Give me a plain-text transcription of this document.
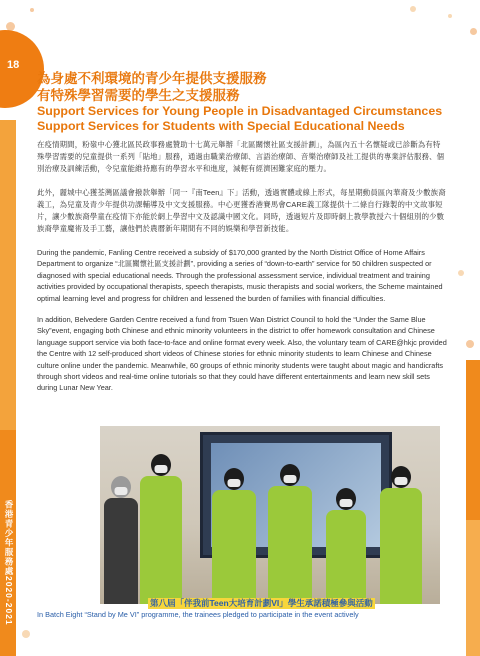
18
香港青少年服務處
2020-2021
為身處不利環境的青少年提供支援服務
有特殊學習需要的學生之支援服務
Support Services for Young People in Disadvantaged Circumstances
Support Services for Students with Special Educational Needs

在疫情期間，粉嶺中心獲北區民政事務處贊助十七萬元舉辦「北區關懷社區支援計劃」，為區內五十名懷疑或已診斷為有特殊學習需要的兒童提供一系列「貼地」服務，通過由職業治療師、言語治療師、音樂治療師及社工提供的專業評估服務、個別治療及訓練活動，令兒童能維持應有的學習水平和進度，減輕有經濟困難家庭的壓力。

此外，麗城中心獲荃灣區議會撥款舉辦「同一『南Teen』下」活動，透過實體或線上形式，每星期動員區內華裔及少數族裔義工，為兒童及青少年提供功課輔導及中文支援服務。中心更獲香港賽馬會CARE義工隊提供十二條自行錄製的中文故事短片，讓少數族裔學童在疫情下亦能於網上學習中文及認識中國文化。同時，透過短片及即時網上教學教授六十個組別的少數族裔學童魔術及手工藝，讓他們於農曆新年期間有不同的娛樂和學習新技能。

During the pandemic, Fanling Centre received a subsidy of $170,000 granted by the North District Office of Home Affairs Department to organize “北區關懷社區支援計劃”, providing a series of “down-to-earth” service for 50 children suspected or diagnosed with special educational needs. Through the professional assessment service, individual treatment and training activities provided by occupational therapists, speech therapists, music therapists and social workers, the Scheme maintained optimal learning level and progress for children and lessened the burden of families with financial difficulties.

In addition, Belvedere Garden Centre received a fund from Tsuen Wan District Council to hold the “Under the Same Blue Sky”event, engaging both Chinese and ethnic minority volunteers in the district to offer homework consultation and Chinese language support service via both face-to-face and online format every week. Also, the voluntary team of CARE@hkjc provided the Centre with 12 self-produced short videos of Chinese stories for ethnic minority students to learn Chinese and Chinese culture online under the pandemic. Meanwhile, 60 groups of ethnic minority students were taught about magic and handicrafts through short videos and real-time online tutorials so that they could have different entertainments and learn new skill sets during Lunar New Year.

第八屆「伴我前Teen大培育計劃VI」學生承諾積極參與活動
In Batch Eight “Stand by Me VI” programme, the trainees pledged to participate in the event actively
